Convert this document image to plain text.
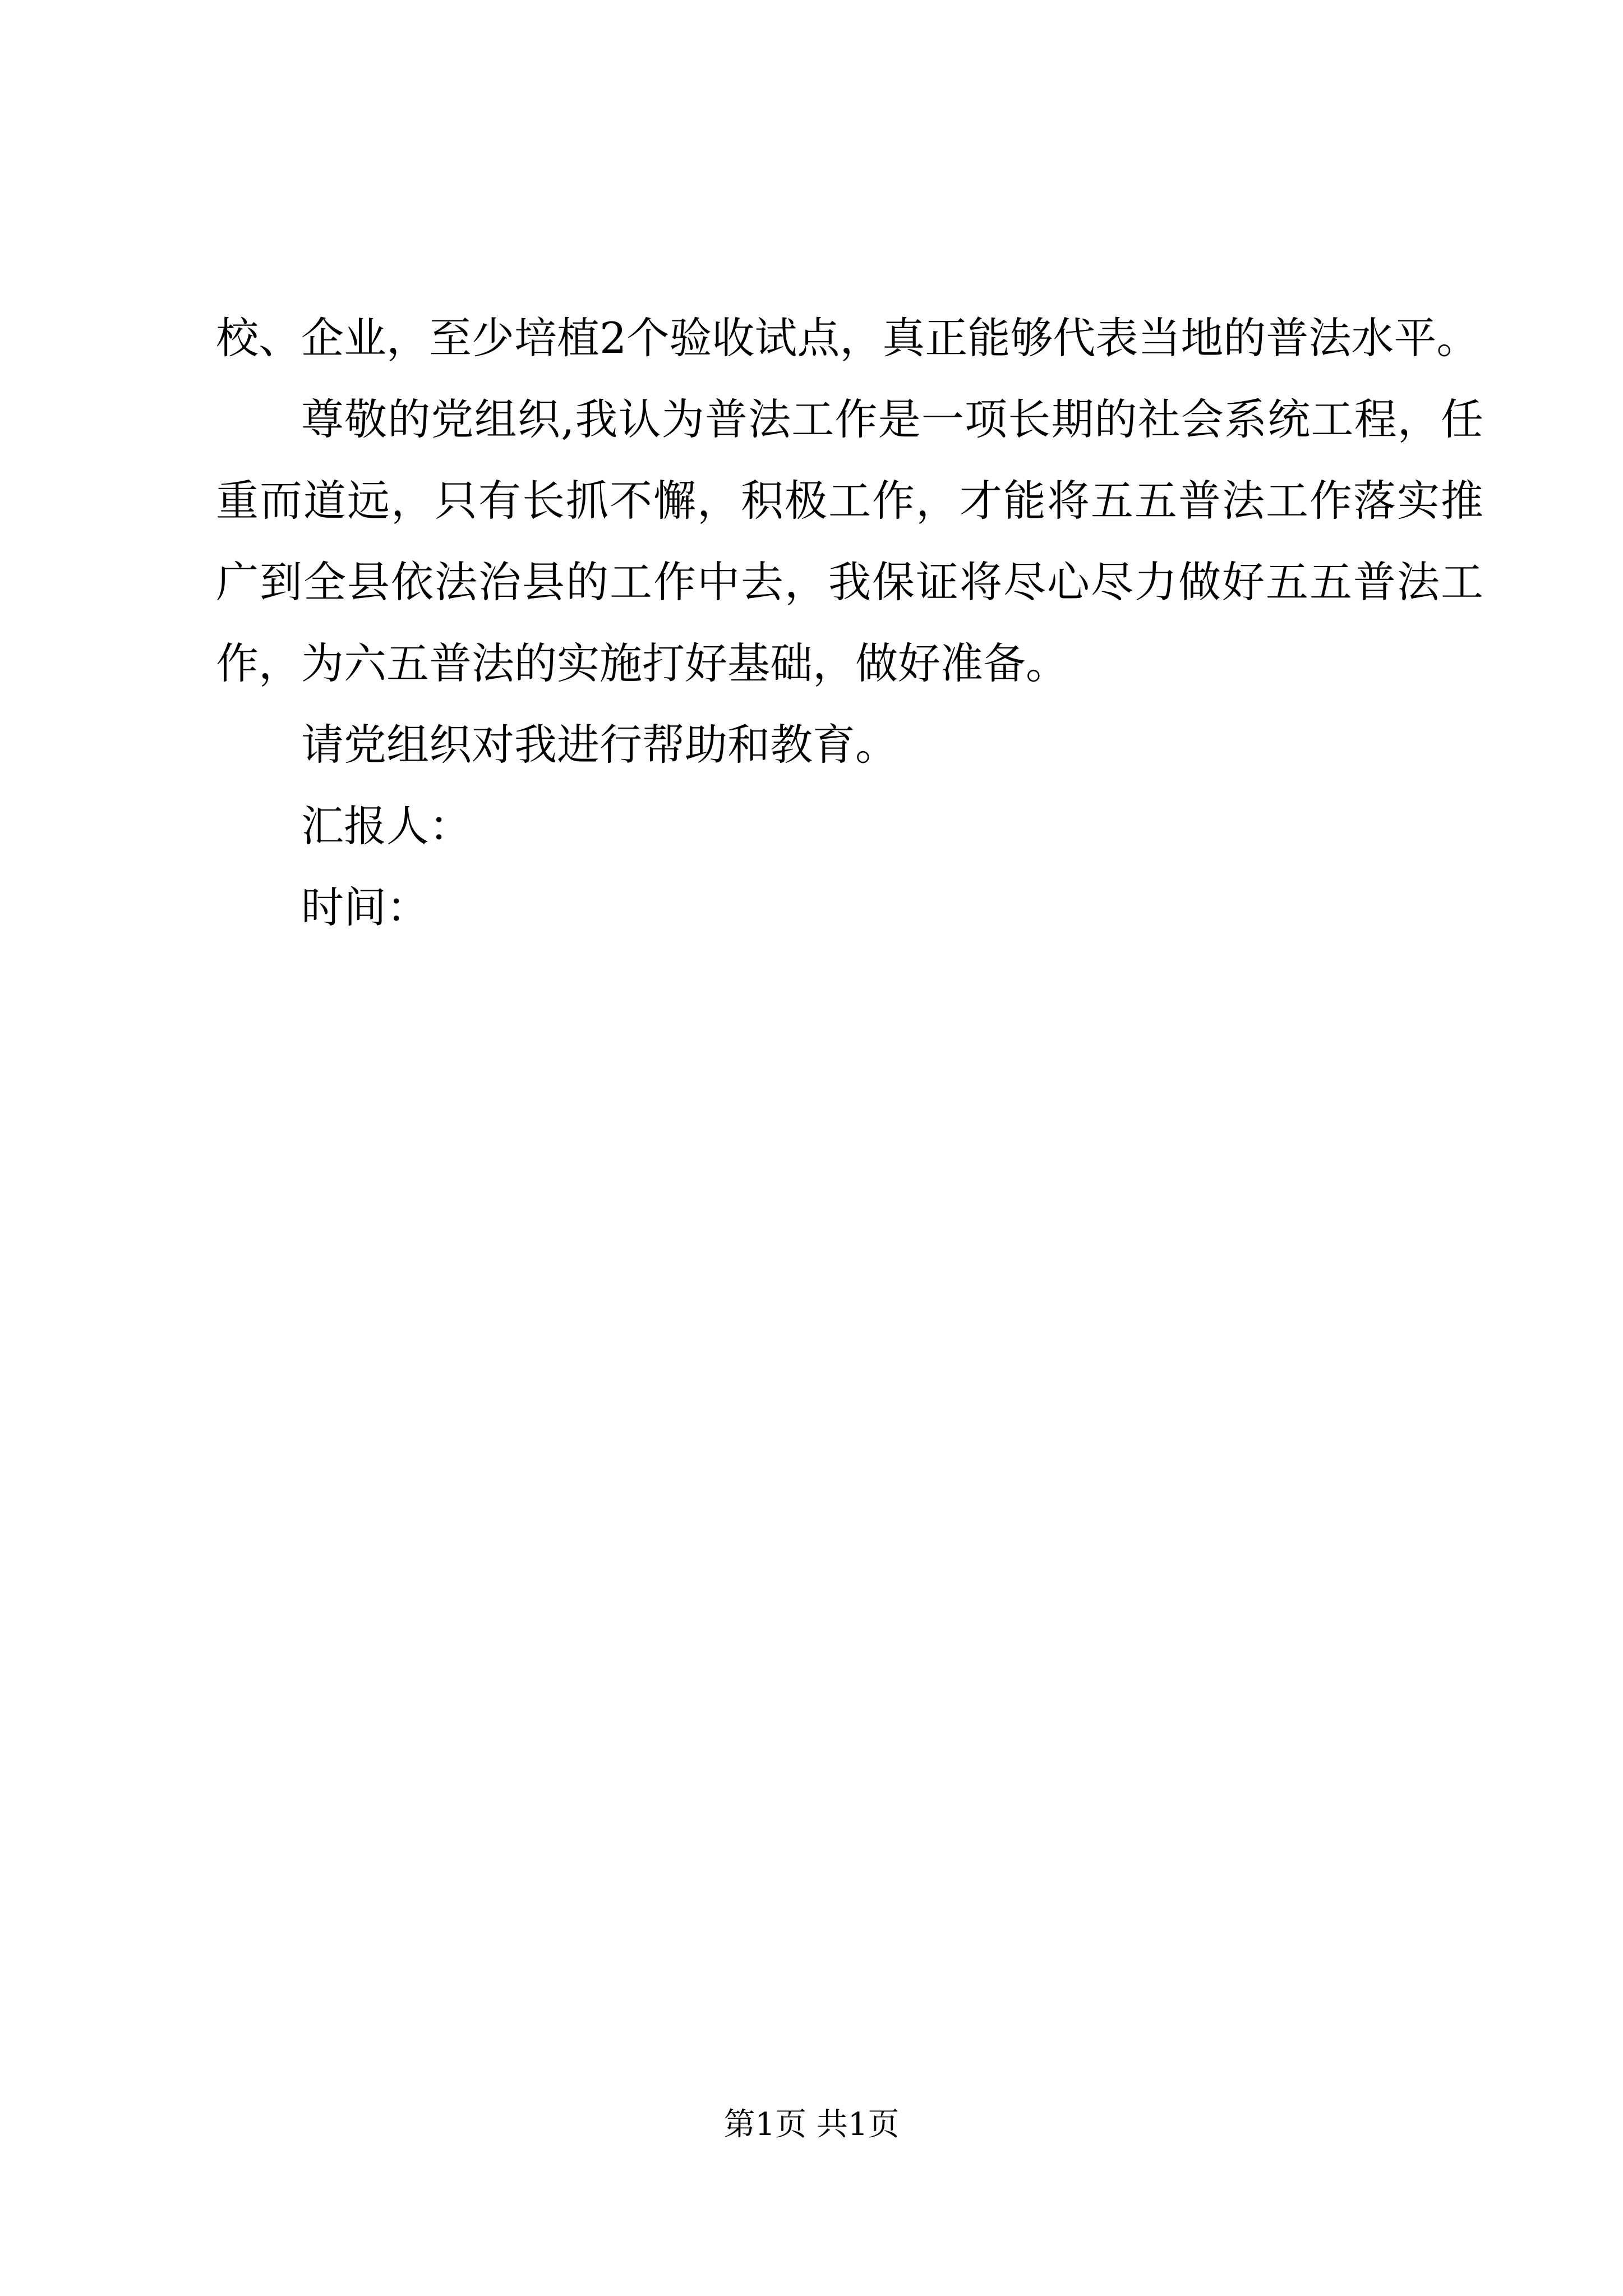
校、企业，至少培植2个验收试点，真正能够代表当地的普法水平。

尊敬的党组织,我认为普法工作是一项长期的社会系统工程，任重而道远，只有长抓不懈，积极工作，才能将五五普法工作落实推广到全县依法治县的工作中去，我保证将尽心尽力做好五五普法工作，为六五普法的实施打好基础，做好准备。

请党组织对我进行帮助和教育。

汇报人：

时间：

第1页 共1页
